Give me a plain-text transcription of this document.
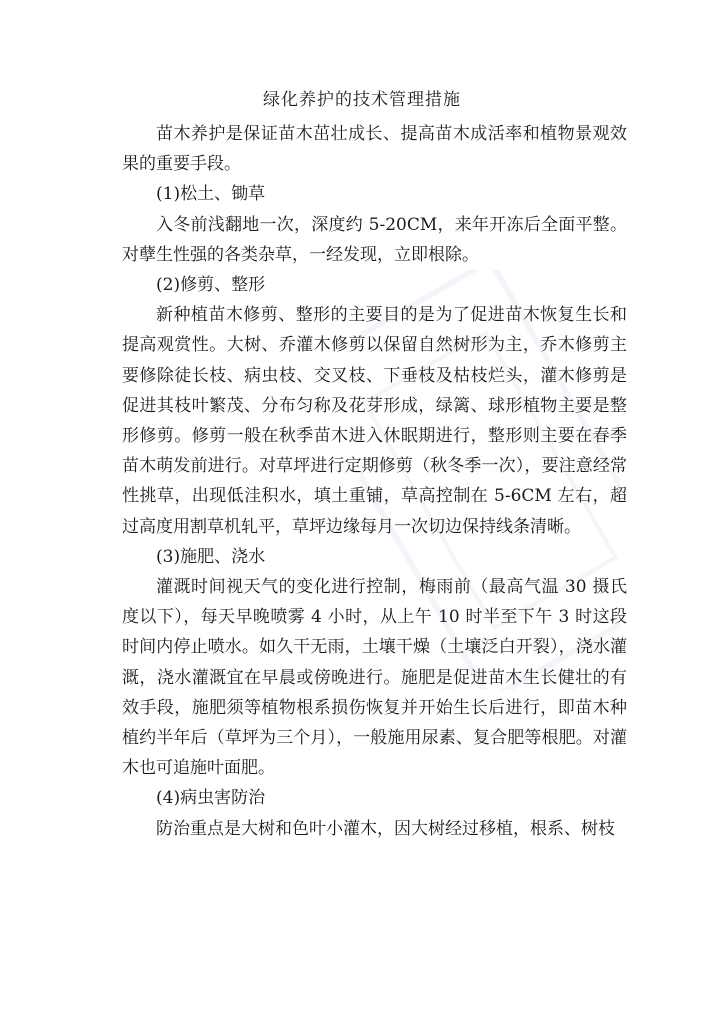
绿化养护的技术管理措施

苗木养护是保证苗木茁壮成长、提高苗木成活率和植物景观效果的重要手段。

(1)松土、锄草

入冬前浅翻地一次，深度约 5-20CM，来年开冻后全面平整。对孽生性强的各类杂草，一经发现，立即根除。

(2)修剪、整形

新种植苗木修剪、整形的主要目的是为了促进苗木恢复生长和提高观赏性。大树、乔灌木修剪以保留自然树形为主，乔木修剪主要修除徒长枝、病虫枝、交叉枝、下垂枝及枯枝烂头，灌木修剪是促进其枝叶繁茂、分布匀称及花芽形成，绿篱、球形植物主要是整形修剪。修剪一般在秋季苗木进入休眠期进行，整形则主要在春季苗木萌发前进行。对草坪进行定期修剪（秋冬季一次），要注意经常性挑草，出现低洼积水，填土重铺，草高控制在 5-6CM 左右，超过高度用割草机轧平，草坪边缘每月一次切边保持线条清晰。

(3)施肥、浇水

灌溉时间视天气的变化进行控制，梅雨前（最高气温 30 摄氏度以下），每天早晚喷雾 4 小时，从上午 10 时半至下午 3 时这段时间内停止喷水。如久干无雨，土壤干燥（土壤泛白开裂），浇水灌溉，浇水灌溉宜在早晨或傍晚进行。施肥是促进苗木生长健壮的有效手段，施肥须等植物根系损伤恢复并开始生长后进行，即苗木种植约半年后（草坪为三个月），一般施用尿素、复合肥等根肥。对灌木也可追施叶面肥。

(4)病虫害防治

防治重点是大树和色叶小灌木，因大树经过移植，根系、树枝
